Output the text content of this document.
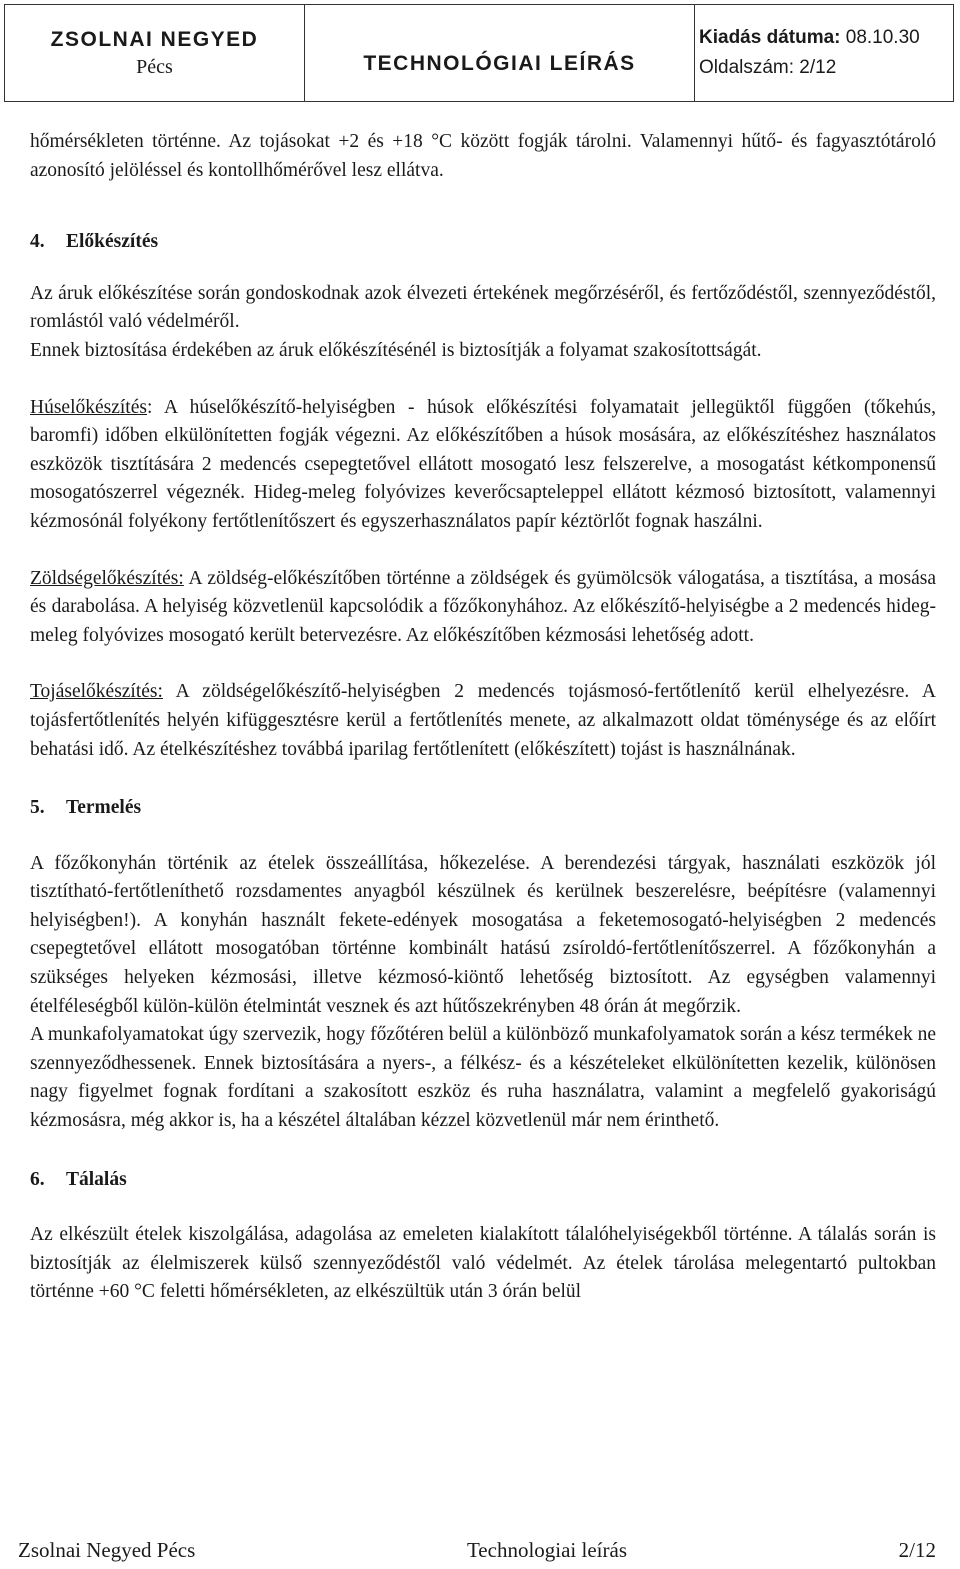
ZSOLNAI NEGYED
Pécs	TECHNOLÓGIAI LEÍRÁS
Kiadás dátuma: 08.10.30
Oldalszám: 2/12

hőmérsékleten történne. Az tojásokat +2 és +18 °C között fogják tárolni. Valamennyi hűtő- és fagyasztótároló azonosító jelöléssel és kontollhőmérővel lesz ellátva.

4. Előkészítés

Az áruk előkészítése során gondoskodnak azok élvezeti értekének megőrzéséről, és fertőződéstől, szennyeződéstől, romlástól való védelméről.

Ennek biztosítása érdekében az áruk előkészítésénél is biztosítják a folyamat szakosítottságát.

Húselőkészítés: A húselőkészítő-helyiségben - húsok előkészítési folyamatait jellegüktől függően (tőkehús, baromfi) időben elkülönítetten fogják végezni. Az előkészítőben a húsok mosására, az előkészítéshez használatos eszközök tisztítására 2 medencés csepegtetővel ellátott mosogató lesz felszerelve, a mosogatást kétkomponensű mosogatószerrel végeznék. Hideg-meleg folyóvizes keverőcsapteleppel ellátott kézmosó biztosított, valamennyi kézmosónál folyékony fertőtlenítőszert és egyszerhasználatos papír kéztörlőt fognak haszálni.

Zöldségelőkészítés: A zöldség-előkészítőben történne a zöldségek és gyümölcsök válogatása, a tisztítása, a mosása és darabolása. A helyiség közvetlenül kapcsolódik a főzőkonyhához. Az előkészítő-helyiségbe a 2 medencés hideg-meleg folyóvizes mosogató került betervezésre. Az előkészítőben kézmosási lehetőség adott.

Tojáselőkészítés: A zöldségelőkészítő-helyiségben 2 medencés tojásmosó-fertőtlenítő kerül elhelyezésre. A tojásfertőtlenítés helyén kifüggesztésre kerül a fertőtlenítés menete, az alkalmazott oldat töménysége és az előírt behatási idő. Az ételkészítéshez továbbá iparilag fertőtlenített (előkészített) tojást is használnának.

5. Termelés

A főzőkonyhán történik az ételek összeállítása, hőkezelése. A berendezési tárgyak, használati eszközök jól tisztítható-fertőtleníthető rozsdamentes anyagból készülnek és kerülnek beszerelésre, beépítésre (valamennyi helyiségben!). A konyhán használt fekete-edények mosogatása a feketemosogató-helyiségben 2 medencés csepegtetővel ellátott mosogatóban történne kombinált hatású zsíroldó-fertőtlenítőszerrel. A főzőkonyhán a szükséges helyeken kézmosási, illetve kézmosó-kiöntő lehetőség biztosított. Az egységben valamennyi ételféleségből külön-külön ételmintát vesznek és azt hűtőszekrényben 48 órán át megőrzik.

A munkafolyamatokat úgy szervezik, hogy főzőtéren belül a különböző munkafolyamatok során a kész termékek ne szennyeződhessenek. Ennek biztosítására a nyers-, a félkész- és a készételeket elkülönítetten kezelik, különösen nagy figyelmet fognak fordítani a szakosított eszköz és ruha használatra, valamint a megfelelő gyakoriságú kézmosásra, még akkor is, ha a készétel általában kézzel közvetlenül már nem érinthető.

6. Tálalás

Az elkészült ételek kiszolgálása, adagolása az emeleten kialakított tálalóhelyiségekből történne. A tálalás során is biztosítják az élelmiszerek külső szennyeződéstől való védelmét. Az ételek tárolása melegentartó pultokban történne +60 °C feletti hőmérsékleten, az elkészültük után 3 órán belül

Zsolnai Negyed Pécs	Technologiai leírás	2/12
